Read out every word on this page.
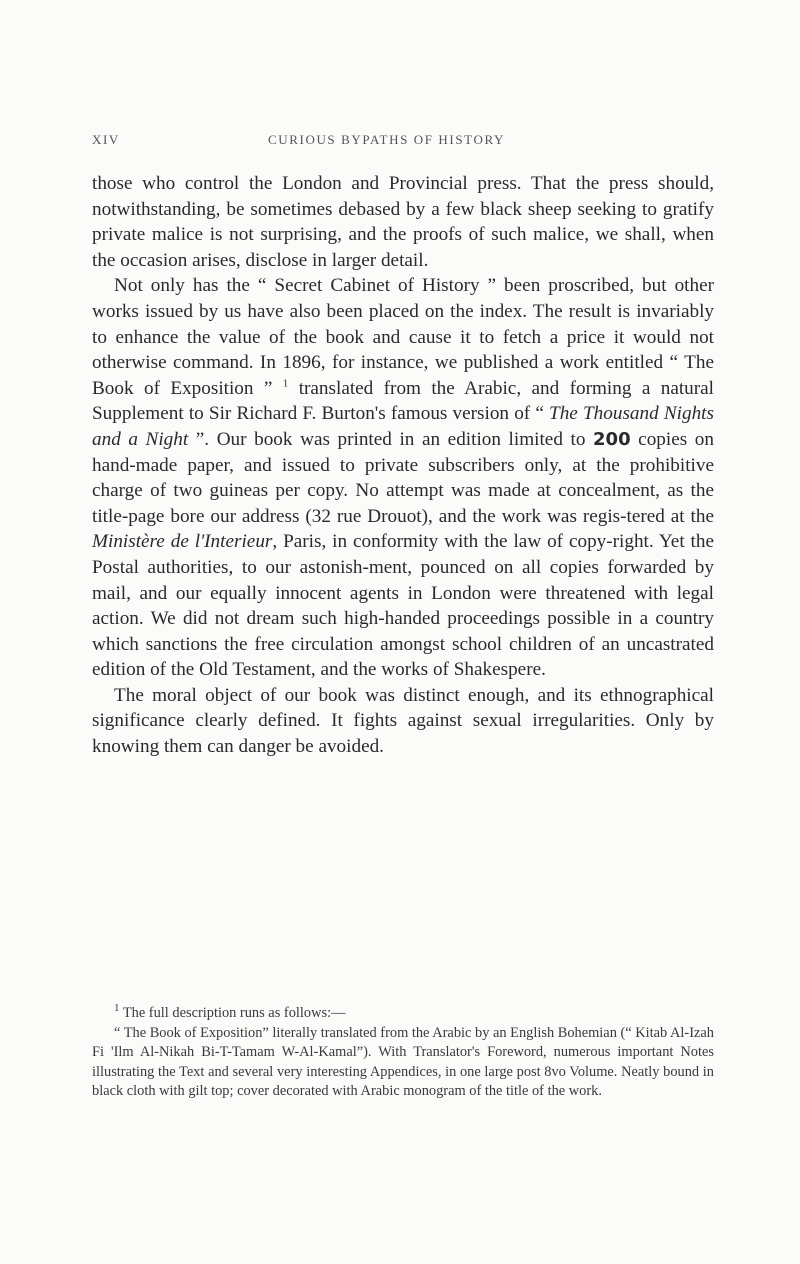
XIV	CURIOUS BYPATHS OF HISTORY

those who control the London and Provincial press. That the press should, notwithstanding, be sometimes debased by a few black sheep seeking to gratify private malice is not surprising, and the proofs of such malice, we shall, when the occasion arises, disclose in larger detail.

Not only has the “ Secret Cabinet of History ” been proscribed, but other works issued by us have also been placed on the index. The result is invariably to enhance the value of the book and cause it to fetch a price it would not otherwise command. In 1896, for instance, we published a work entitled “ The Book of Exposition ” $^1$ translated from the Arabic, and forming a natural Supplement to Sir Richard F. Burton's famous version of “ The Thousand Nights and a Night ”. Our book was printed in an edition limited to 200 copies on hand-made paper, and issued to private subscribers only, at the prohibitive charge of two guineas per copy. No attempt was made at concealment, as the title-page bore our address (32 rue Drouot), and the work was regis-tered at the Ministère de l'Interieur, Paris, in conformity with the law of copy-right. Yet the Postal authorities, to our astonish-ment, pounced on all copies forwarded by mail, and our equally innocent agents in London were threatened with legal action. We did not dream such high-handed proceedings possible in a country which sanctions the free circulation amongst school children of an uncastrated edition of the Old Testament, and the works of Shakespere.

The moral object of our book was distinct enough, and its ethnographical significance clearly defined. It fights against sexual irregularities. Only by knowing them can danger be avoided.

$^1$ The full description runs as follows:—

“ The Book of Exposition” literally translated from the Arabic by an English Bohemian (“ Kitab Al-Izah Fi 'Ilm Al-Nikah Bi-T-Tamam W-Al-Kamal”). With Translator's Foreword, numerous important Notes illustrating the Text and several very interesting Appendices, in one large post 8vo Volume. Neatly bound in black cloth with gilt top; cover decorated with Arabic monogram of the title of the work.
